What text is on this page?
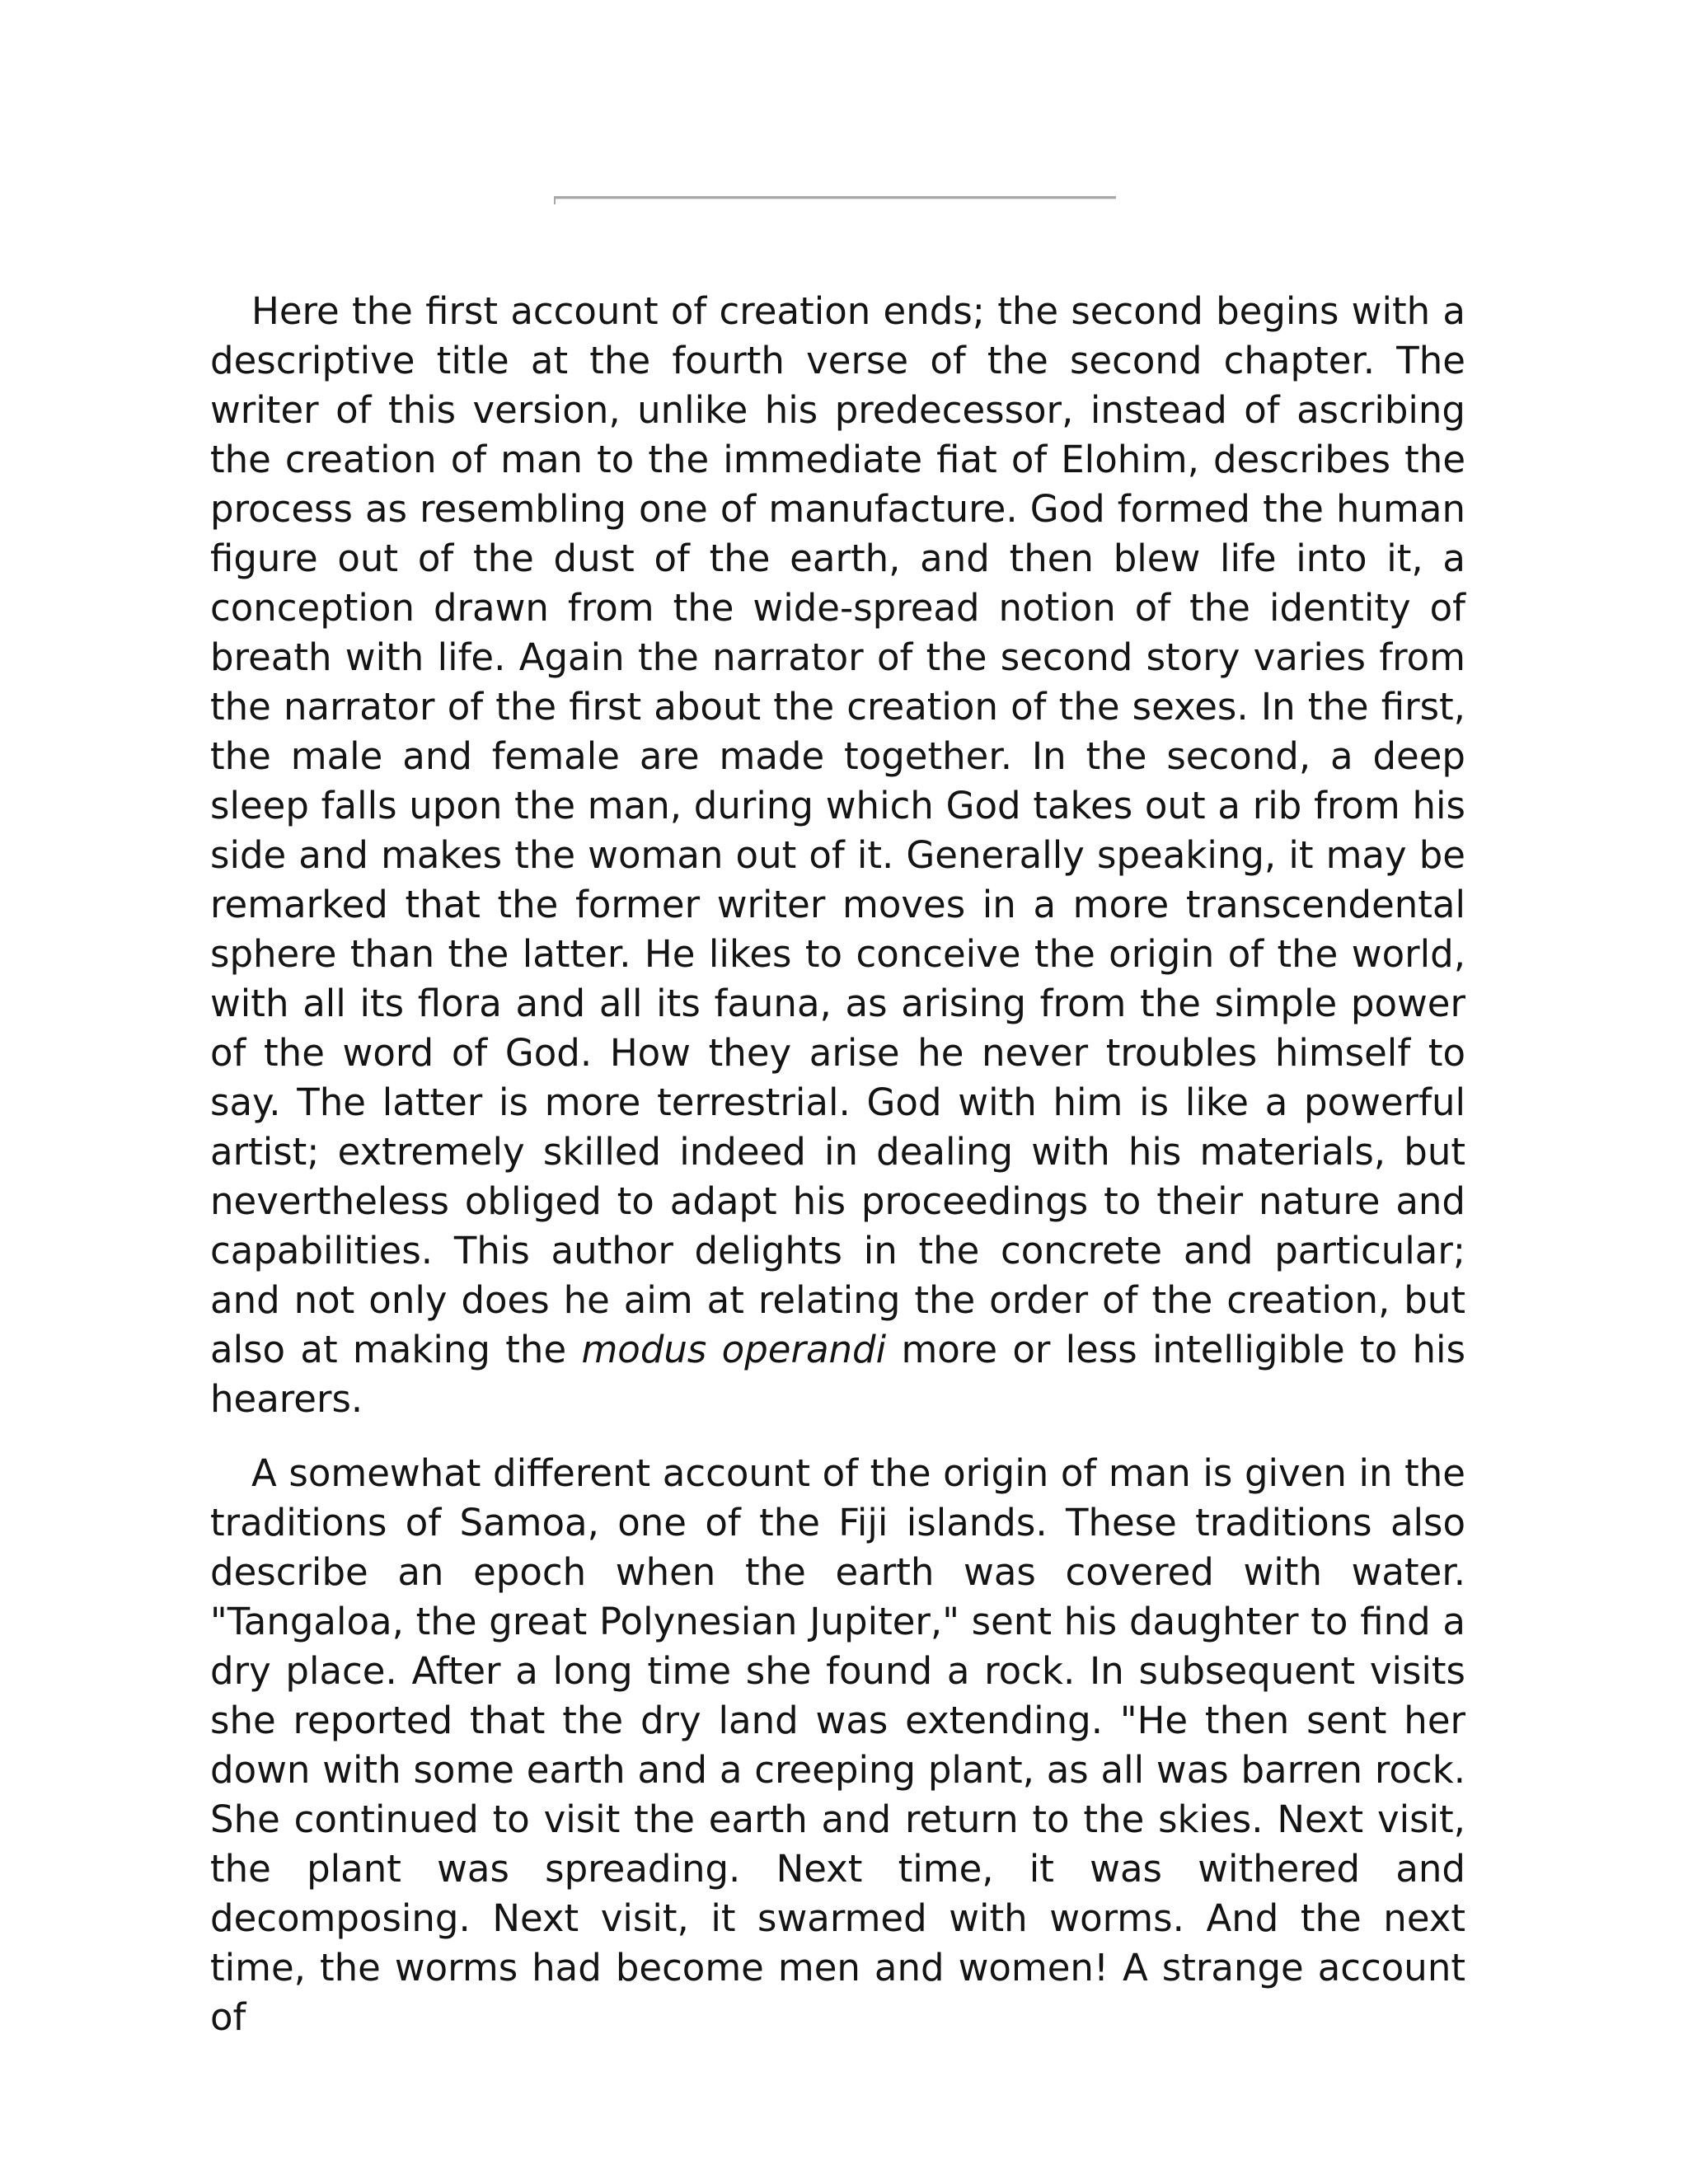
Here the first account of creation ends; the second begins with a descriptive title at the fourth verse of the second chapter. The writer of this version, unlike his predecessor, instead of ascribing the creation of man to the immediate fiat of Elohim, describes the process as resembling one of manufacture. God formed the human figure out of the dust of the earth, and then blew life into it, a conception drawn from the wide-spread notion of the identity of breath with life. Again the narrator of the second story varies from the narrator of the first about the creation of the sexes. In the first, the male and female are made together. In the second, a deep sleep falls upon the man, during which God takes out a rib from his side and makes the woman out of it. Generally speaking, it may be remarked that the former writer moves in a more transcendental sphere than the latter. He likes to conceive the origin of the world, with all its flora and all its fauna, as arising from the simple power of the word of God. How they arise he never troubles himself to say. The latter is more terrestrial. God with him is like a powerful artist; extremely skilled indeed in dealing with his materials, but nevertheless obliged to adapt his proceedings to their nature and capabilities. This author delights in the concrete and particular; and not only does he aim at relating the order of the creation, but also at making the modus operandi more or less intelligible to his hearers.

A somewhat different account of the origin of man is given in the traditions of Samoa, one of the Fiji islands. These traditions also describe an epoch when the earth was covered with water. "Tangaloa, the great Polynesian Jupiter," sent his daughter to find a dry place. After a long time she found a rock. In subsequent visits she reported that the dry land was extending. "He then sent her down with some earth and a creeping plant, as all was barren rock. She continued to visit the earth and return to the skies. Next visit, the plant was spreading. Next time, it was withered and decomposing. Next visit, it swarmed with worms. And the next time, the worms had become men and women! A strange account of
